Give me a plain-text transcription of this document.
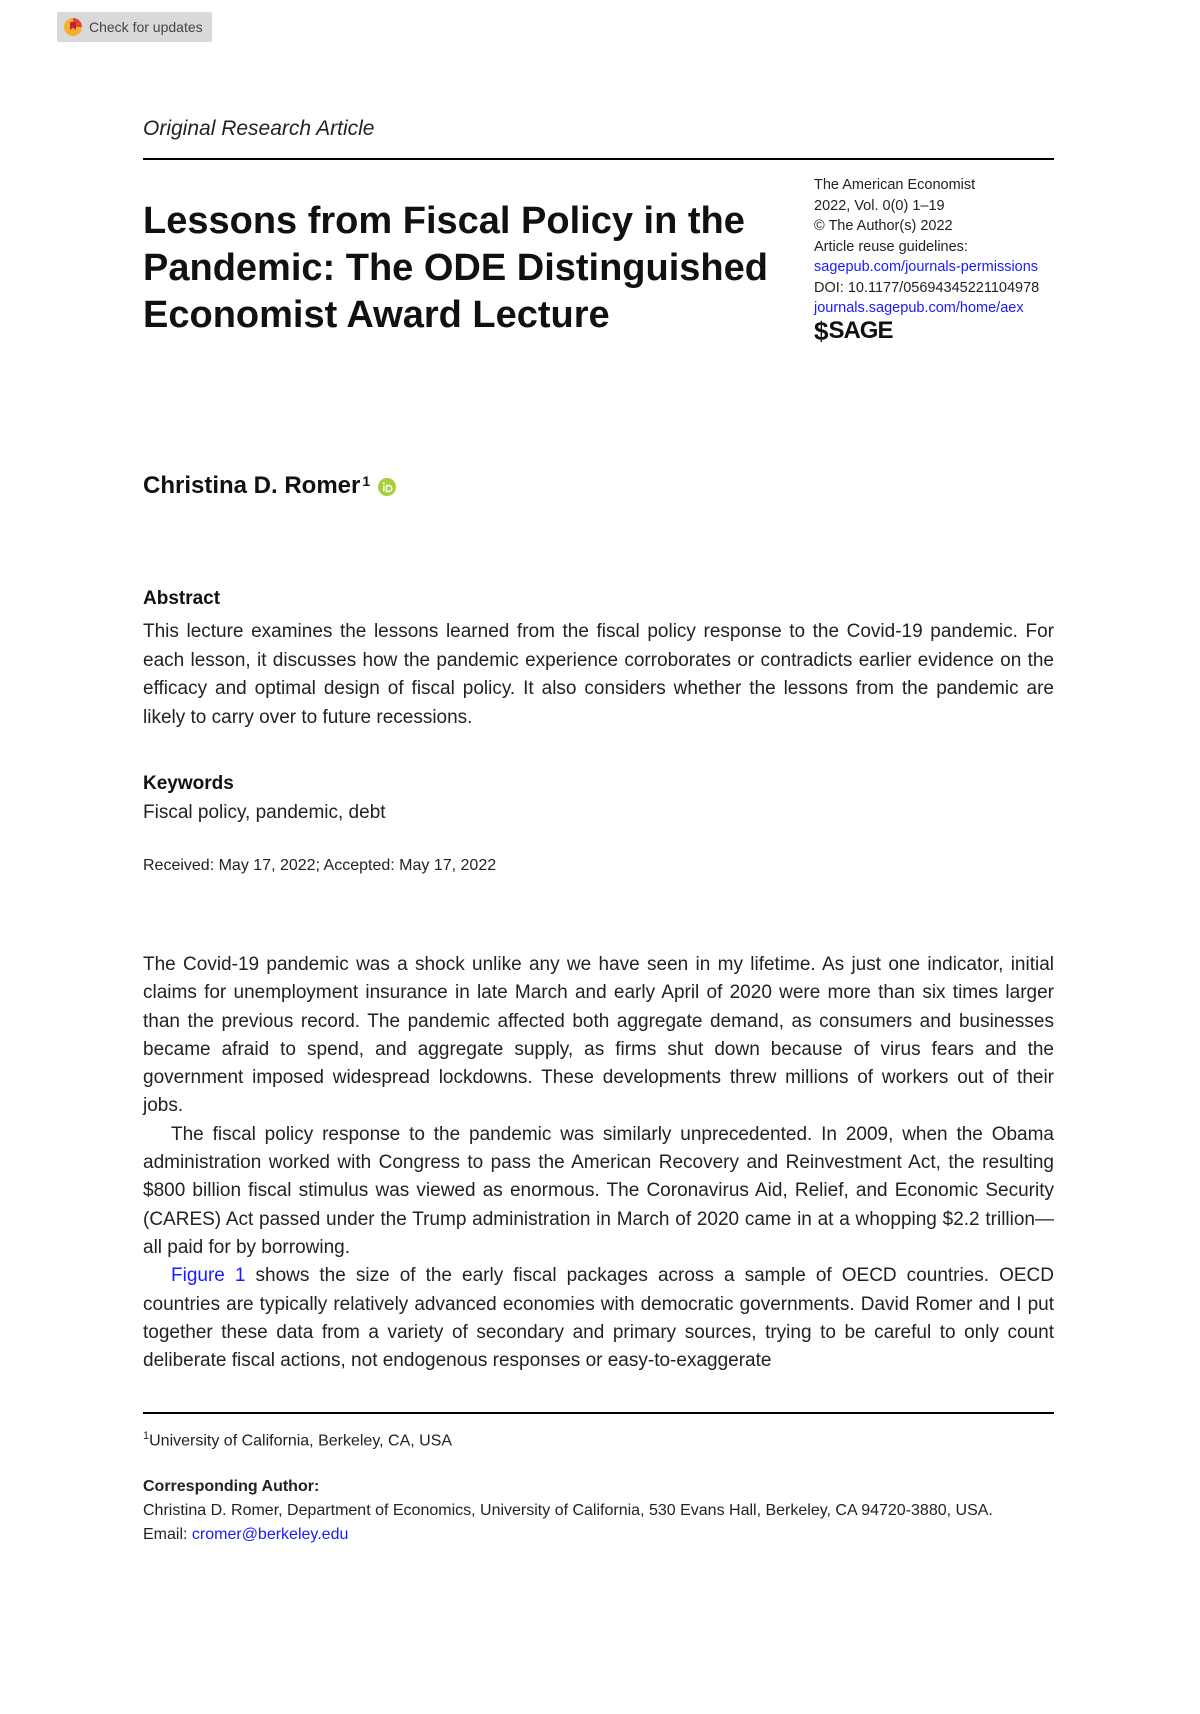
Check for updates
Original Research Article
Lessons from Fiscal Policy in the Pandemic: The ODE Distinguished Economist Award Lecture
The American Economist
2022, Vol. 0(0) 1–19
© The Author(s) 2022
Article reuse guidelines:
sagepub.com/journals-permissions
DOI: 10.1177/05694345221104978
journals.sagepub.com/home/aex
$ SAGE
Christina D. Romer$^1$
Abstract

This lecture examines the lessons learned from the fiscal policy response to the Covid-19 pandemic. For each lesson, it discusses how the pandemic experience corroborates or contradicts earlier evidence on the efficacy and optimal design of fiscal policy. It also considers whether the lessons from the pandemic are likely to carry over to future recessions.

Keywords
Fiscal policy, pandemic, debt
Received: May 17, 2022; Accepted: May 17, 2022

The Covid-19 pandemic was a shock unlike any we have seen in my lifetime. As just one indicator, initial claims for unemployment insurance in late March and early April of 2020 were more than six times larger than the previous record. The pandemic affected both aggregate demand, as consumers and businesses became afraid to spend, and aggregate supply, as firms shut down because of virus fears and the government imposed widespread lockdowns. These developments threw millions of workers out of their jobs.

The fiscal policy response to the pandemic was similarly unprecedented. In 2009, when the Obama administration worked with Congress to pass the American Recovery and Reinvestment Act, the resulting $800 billion fiscal stimulus was viewed as enormous. The Coronavirus Aid, Relief, and Economic Security (CARES) Act passed under the Trump administration in March of 2020 came in at a whopping $2.2 trillion—all paid for by borrowing.

Figure 1 shows the size of the early fiscal packages across a sample of OECD countries. OECD countries are typically relatively advanced economies with democratic governments. David Romer and I put together these data from a variety of secondary and primary sources, trying to be careful to only count deliberate fiscal actions, not endogenous responses or easy-to-exaggerate

$^1$University of California, Berkeley, CA, USA
Corresponding Author:
Christina D. Romer, Department of Economics, University of California, 530 Evans Hall, Berkeley, CA 94720-3880, USA.
Email: cromer@berkeley.edu
